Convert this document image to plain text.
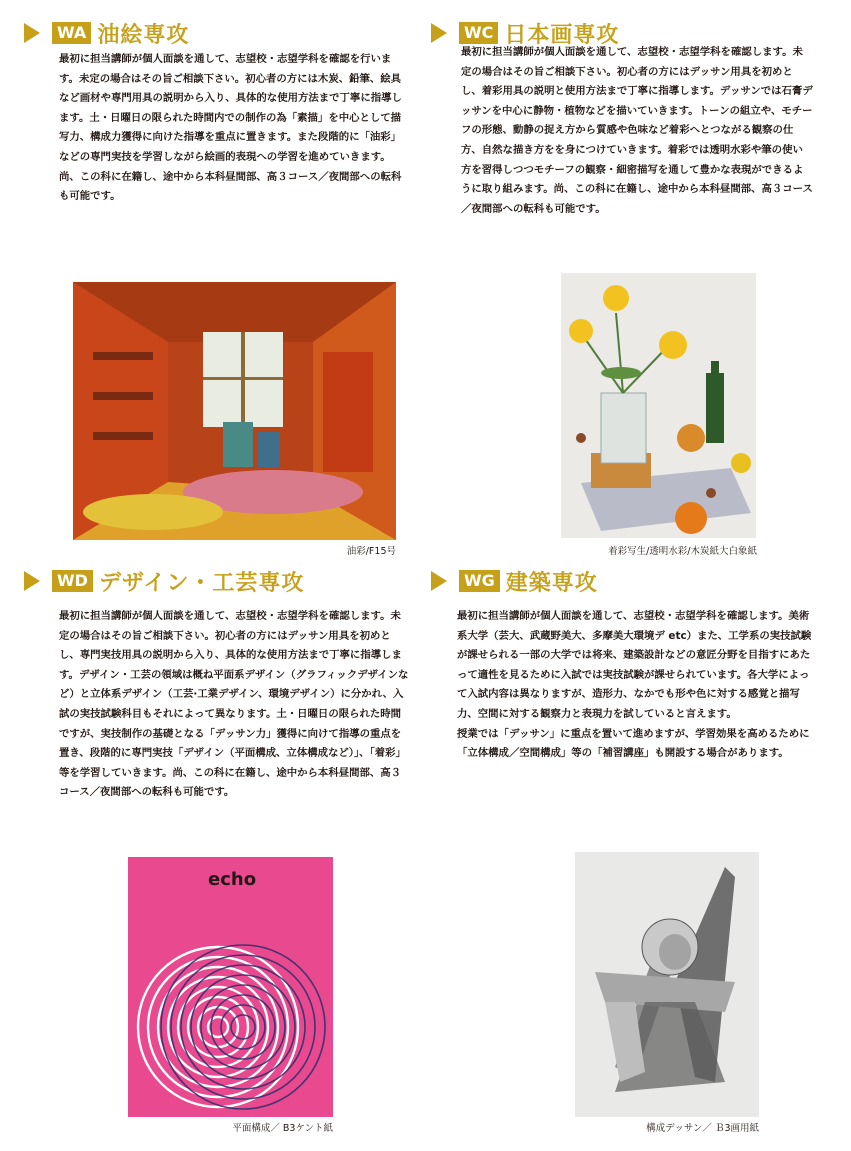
WA 油絵専攻
最初に担当講師が個人面談を通して、志望校・志望学科を確認を行います。未定の場合はその旨ご相談下さい。初心者の方には木炭、鉛筆、絵具など画材や専門用具の説明から入り、具体的な使用方法まで丁寧に指導します。土・日曜日の限られた時間内での制作の為「素描」を中心として描写力、構成力獲得に向けた指導を重点に置きます。また段階的に「油彩」などの専門実技を学習しながら絵画的表現への学習を進めていきます。尚、この科に在籍し、途中から本科昼間部、高３コース／夜間部への転科も可能です。
油彩/F15号
WC 日本画専攻
最初に担当講師が個人面談を通して、志望校・志望学科を確認します。未定の場合はその旨ご相談下さい。初心者の方にはデッサン用具を初めとし、着彩用具の説明と使用方法まで丁寧に指導します。デッサンでは石膏デッサンを中心に静物・植物などを描いていきます。トーンの組立や、モチーフの形態、動静の捉え方から質感や色味など着彩へとつながる観察の仕方、自然な描き方をを身につけていきます。着彩では透明水彩や筆の使い方を習得しつつモチーフの観察・細密描写を通して豊かな表現ができるように取り組みます。尚、この科に在籍し、途中から本科昼間部、高３コース／夜間部への転科も可能です。
着彩写生/透明水彩/木炭紙大白象紙
WD デザイン・工芸専攻
最初に担当講師が個人面談を通して、志望校・志望学科を確認します。未定の場合はその旨ご相談下さい。初心者の方にはデッサン用具を初めとし、専門実技用具の説明から入り、具体的な使用方法まで丁寧に指導します。デザイン・工芸の領域は概ね平面系デザイン（グラフィックデザインなど）と立体系デザイン（工芸·工業デザイン、環境デザイン）に分かれ、入試の実技試験科目もそれによって異なります。土・日曜日の限られた時間ですが、実技制作の基礎となる「デッサン力」獲得に向けて指導の重点を置き、段階的に専門実技「デザイン（平面構成、立体構成など）」、「着彩」等を学習していきます。尚、この科に在籍し、途中から本科昼間部、高３コース／夜間部への転科も可能です。
echo
平面構成／ B3ケント紙
WG 建築専攻

最初に担当講師が個人面談を通して、志望校・志望学科を確認します。美術系大学（芸大、武蔵野美大、多摩美大環境デ etc）また、工学系の実技試験が課せられる一部の大学では将来、建築設計などの意匠分野を目指すにあたって適性を見るために入試では実技試験が課せられています。各大学によって入試内容は異なりますが、造形力、なかでも形や色に対する感覚と描写力、空間に対する観察力と表現力を試していると言えます。

授業では「デッサン」に重点を置いて進めますが、学習効果を高めるために「立体構成／空間構成」等の「補習講座」も開設する場合があります。

構成デッサン／ Ｂ3画用紙
